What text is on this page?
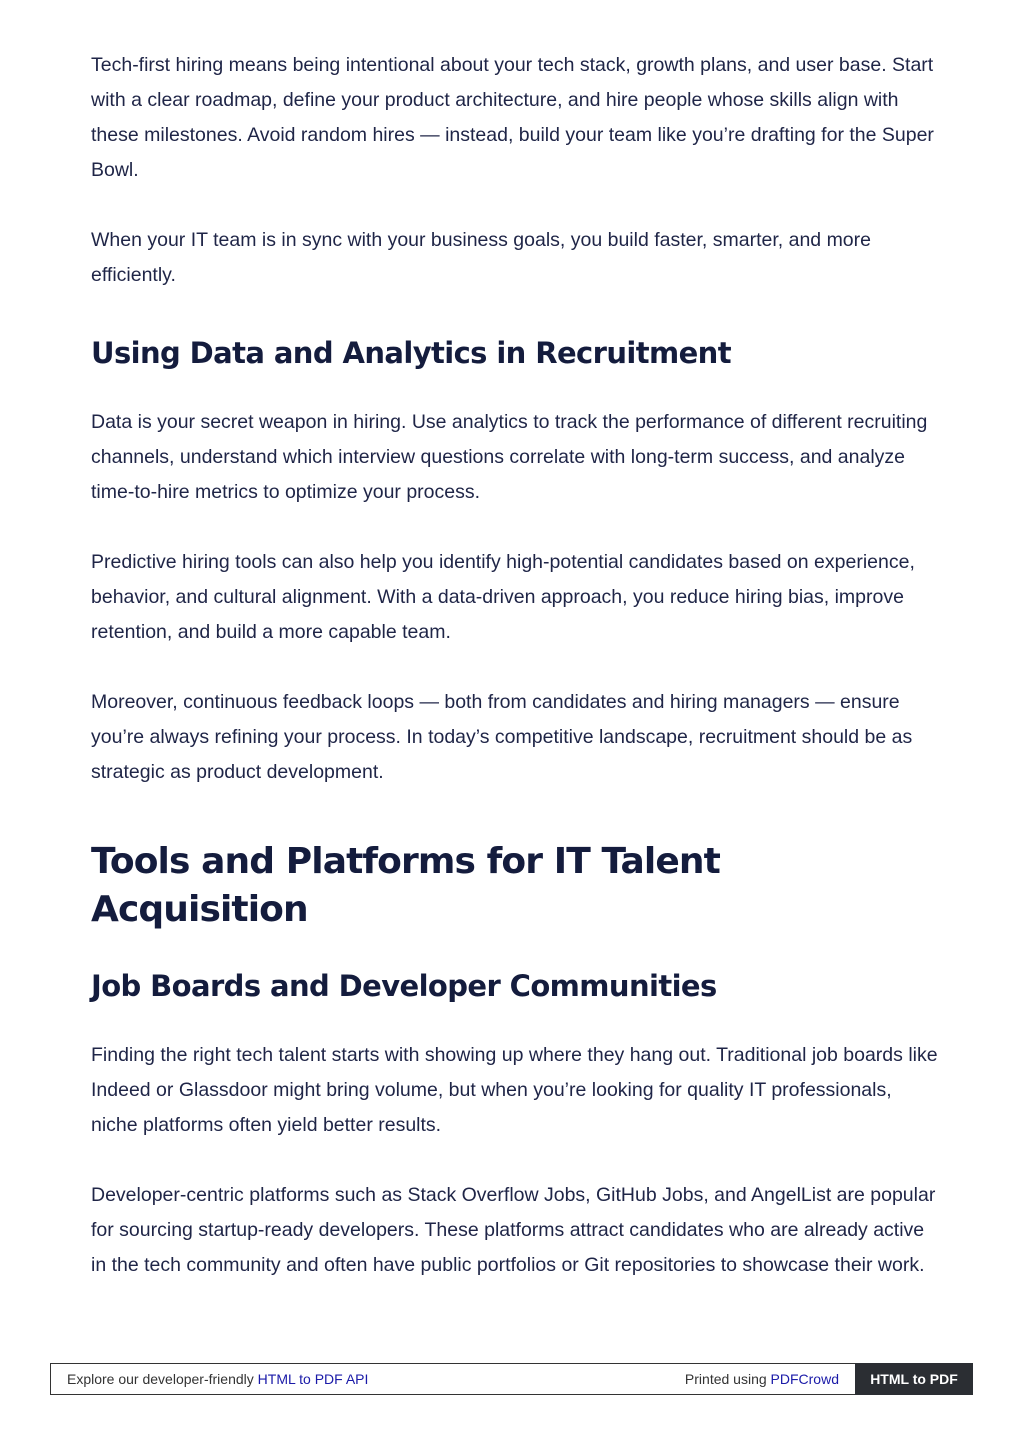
Tech-first hiring means being intentional about your tech stack, growth plans, and user base. Start with a clear roadmap, define your product architecture, and hire people whose skills align with these milestones. Avoid random hires — instead, build your team like you’re drafting for the Super Bowl.

When your IT team is in sync with your business goals, you build faster, smarter, and more efficiently.

Using Data and Analytics in Recruitment

Data is your secret weapon in hiring. Use analytics to track the performance of different recruiting channels, understand which interview questions correlate with long-term success, and analyze time-to-hire metrics to optimize your process.

Predictive hiring tools can also help you identify high-potential candidates based on experience, behavior, and cultural alignment. With a data-driven approach, you reduce hiring bias, improve retention, and build a more capable team.

Moreover, continuous feedback loops — both from candidates and hiring managers — ensure you’re always refining your process. In today’s competitive landscape, recruitment should be as strategic as product development.

Tools and Platforms for IT Talent Acquisition
Job Boards and Developer Communities

Finding the right tech talent starts with showing up where they hang out. Traditional job boards like Indeed or Glassdoor might bring volume, but when you’re looking for quality IT professionals, niche platforms often yield better results.

Developer-centric platforms such as Stack Overflow Jobs, GitHub Jobs, and AngelList are popular for sourcing startup-ready developers. These platforms attract candidates who are already active in the tech community and often have public portfolios or Git repositories to showcase their work.

Explore our developer-friendly HTML to PDF API	Printed using PDFCrowd	HTML to PDF
